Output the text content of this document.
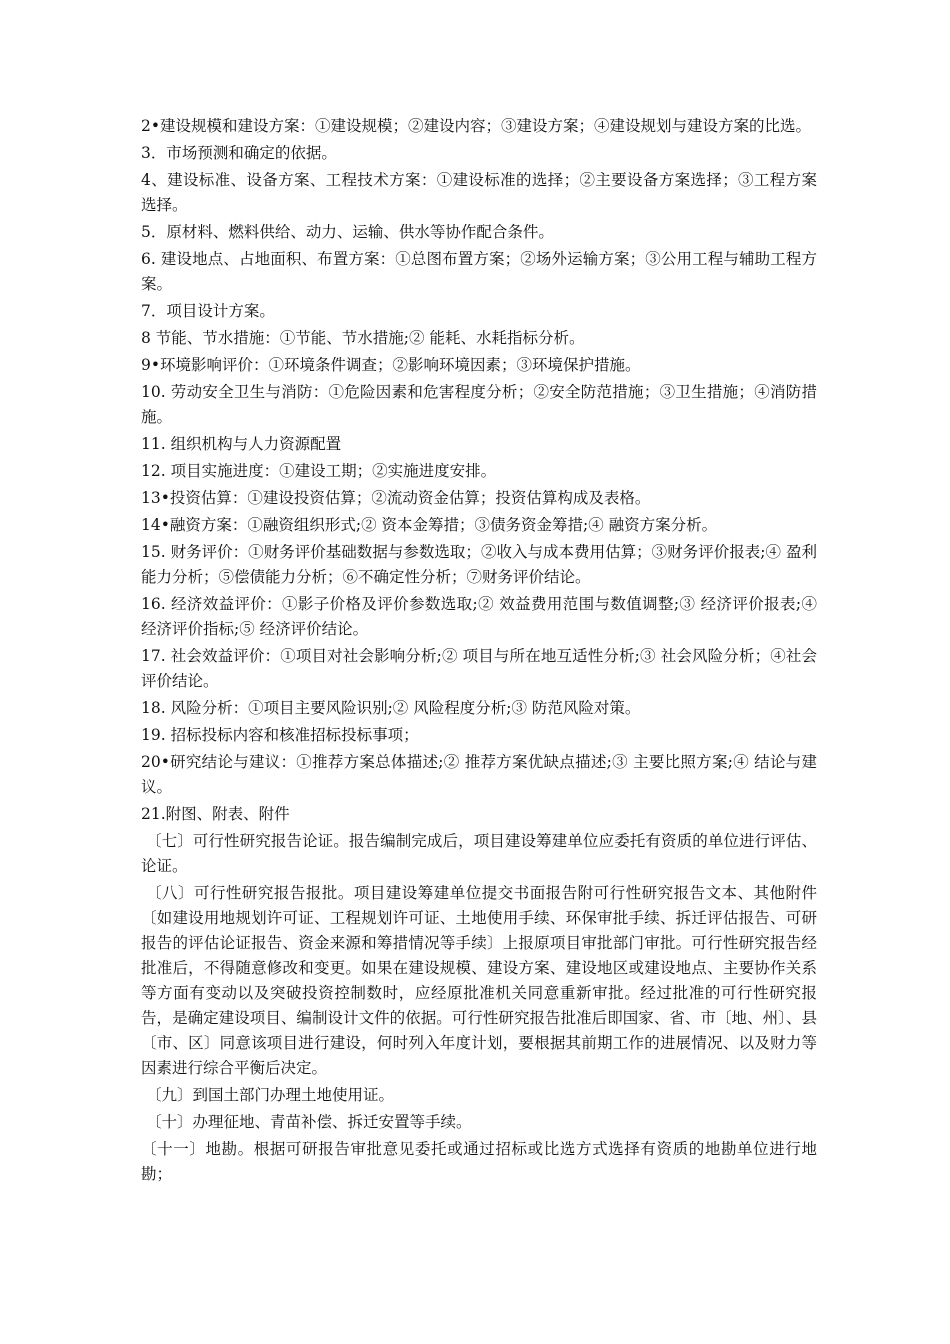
2•建设规模和建设方案：①建设规模；②建设内容；③建设方案；④建设规划与建设方案的比选。

3．市场预测和确定的依据。

4、建设标准、设备方案、工程技术方案：①建设标准的选择；②主要设备方案选择；③工程方案选择。

5．原材料、燃料供给、动力、运输、供水等协作配合条件。

6. 建设地点、占地面积、布置方案：①总图布置方案；②场外运输方案；③公用工程与辅助工程方案。

7．项目设计方案。

8 节能、节水措施：①节能、节水措施;② 能耗、水耗指标分析。

9•环境影响评价：①环境条件调查；②影响环境因素；③环境保护措施。

10. 劳动安全卫生与消防：①危险因素和危害程度分析；②安全防范措施；③卫生措施；④消防措施。

11. 组织机构与人力资源配置

12. 项目实施进度：①建设工期；②实施进度安排。

13•投资估算：①建设投资估算；②流动资金估算；投资估算构成及表格。

14•融资方案：①融资组织形式;② 资本金筹措；③债务资金筹措;④ 融资方案分析。

15. 财务评价：①财务评价基础数据与参数选取；②收入与成本费用估算；③财务评价报表;④ 盈利能力分析；⑤偿债能力分析；⑥不确定性分析；⑦财务评价结论。

16. 经济效益评价：①影子价格及评价参数选取;② 效益费用范围与数值调整;③ 经济评价报表;④ 经济评价指标;⑤ 经济评价结论。

17. 社会效益评价：①项目对社会影响分析;② 项目与所在地互适性分析;③ 社会风险分析；④社会评价结论。

18. 风险分析：①项目主要风险识别;② 风险程度分析;③ 防范风险对策。

19. 招标投标内容和核准招标投标事项；

20•研究结论与建议：①推荐方案总体描述;② 推荐方案优缺点描述;③ 主要比照方案;④ 结论与建议。

21.附图、附表、附件

〔七〕可行性研究报告论证。报告编制完成后，项目建设筹建单位应委托有资质的单位进行评估、论证。

〔八〕可行性研究报告报批。项目建设筹建单位提交书面报告附可行性研究报告文本、其他附件〔如建设用地规划许可证、工程规划许可证、土地使用手续、环保审批手续、拆迁评估报告、可研报告的评估论证报告、资金来源和筹措情况等手续〕上报原项目审批部门审批。可行性研究报告经批准后，不得随意修改和变更。如果在建设规模、建设方案、建设地区或建设地点、主要协作关系等方面有变动以及突破投资控制数时，应经原批准机关同意重新审批。经过批准的可行性研究报告，是确定建设项目、编制设计文件的依据。可行性研究报告批准后即国家、省、市〔地、州〕、县〔市、区〕同意该项目进行建设，何时列入年度计划，要根据其前期工作的进展情况、以及财力等因素进行综合平衡后决定。

〔九〕到国土部门办理土地使用证。

〔十〕办理征地、青苗补偿、拆迁安置等手续。

〔十一〕地勘。根据可研报告审批意见委托或通过招标或比选方式选择有资质的地勘单位进行地勘；
